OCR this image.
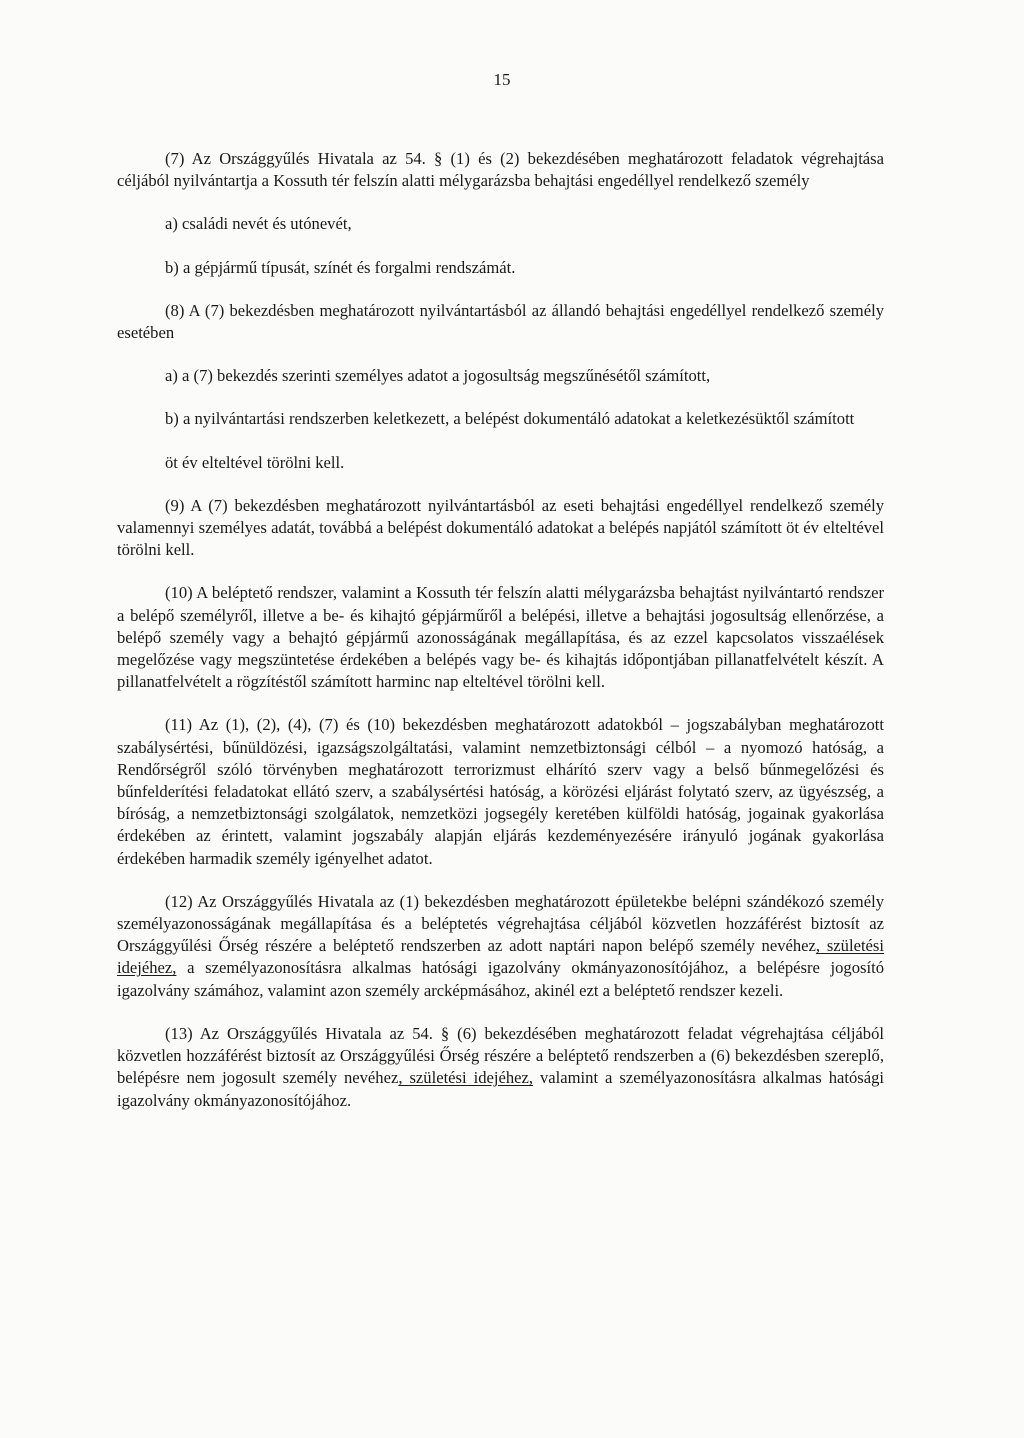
15

(7) Az Országgyűlés Hivatala az 54. § (1) és (2) bekezdésében meghatározott feladatok végrehajtása céljából nyilvántartja a Kossuth tér felszín alatti mélygarázsba behajtási engedéllyel rendelkező személy

a) családi nevét és utónevét,

b) a gépjármű típusát, színét és forgalmi rendszámát.

(8) A (7) bekezdésben meghatározott nyilvántartásból az állandó behajtási engedéllyel rendelkező személy esetében

a) a (7) bekezdés szerinti személyes adatot a jogosultság megszűnésétől számított,

b) a nyilvántartási rendszerben keletkezett, a belépést dokumentáló adatokat a keletkezésüktől számított

öt év elteltével törölni kell.

(9) A (7) bekezdésben meghatározott nyilvántartásból az eseti behajtási engedéllyel rendelkező személy valamennyi személyes adatát, továbbá a belépést dokumentáló adatokat a belépés napjától számított öt év elteltével törölni kell.

(10) A beléptető rendszer, valamint a Kossuth tér felszín alatti mélygarázsba behajtást nyilvántartó rendszer a belépő személyről, illetve a be- és kihajtó gépjárműről a belépési, illetve a behajtási jogosultság ellenőrzése, a belépő személy vagy a behajtó gépjármű azonosságának megállapítása, és az ezzel kapcsolatos visszaélések megelőzése vagy megszüntetése érdekében a belépés vagy be- és kihajtás időpontjában pillanatfelvételt készít. A pillanatfelvételt a rögzítéstől számított harminc nap elteltével törölni kell.

(11) Az (1), (2), (4), (7) és (10) bekezdésben meghatározott adatokból – jogszabályban meghatározott szabálysértési, bűnüldözési, igazságszolgáltatási, valamint nemzetbiztonsági célból – a nyomozó hatóság, a Rendőrségről szóló törvényben meghatározott terrorizmust elhárító szerv vagy a belső bűnmegelőzési és bűnfelderítési feladatokat ellátó szerv, a szabálysértési hatóság, a körözési eljárást folytató szerv, az ügyészség, a bíróság, a nemzetbiztonsági szolgálatok, nemzetközi jogsegély keretében külföldi hatóság, jogainak gyakorlása érdekében az érintett, valamint jogszabály alapján eljárás kezdeményezésére irányuló jogának gyakorlása érdekében harmadik személy igényelhet adatot.

(12) Az Országgyűlés Hivatala az (1) bekezdésben meghatározott épületekbe belépni szándékozó személy személyazonosságának megállapítása és a beléptetés végrehajtása céljából közvetlen hozzáférést biztosít az Országgyűlési Őrség részére a beléptető rendszerben az adott naptári napon belépő személy nevéhez, születési idejéhez, a személyazonosításra alkalmas hatósági igazolvány okmányazonosítójához, a belépésre jogosító igazolvány számához, valamint azon személy arcképmásához, akinél ezt a beléptető rendszer kezeli.

(13) Az Országgyűlés Hivatala az 54. § (6) bekezdésében meghatározott feladat végrehajtása céljából közvetlen hozzáférést biztosít az Országgyűlési Őrség részére a beléptető rendszerben a (6) bekezdésben szereplő, belépésre nem jogosult személy nevéhez, születési idejéhez, valamint a személyazonosításra alkalmas hatósági igazolvány okmányazonosítójához.
